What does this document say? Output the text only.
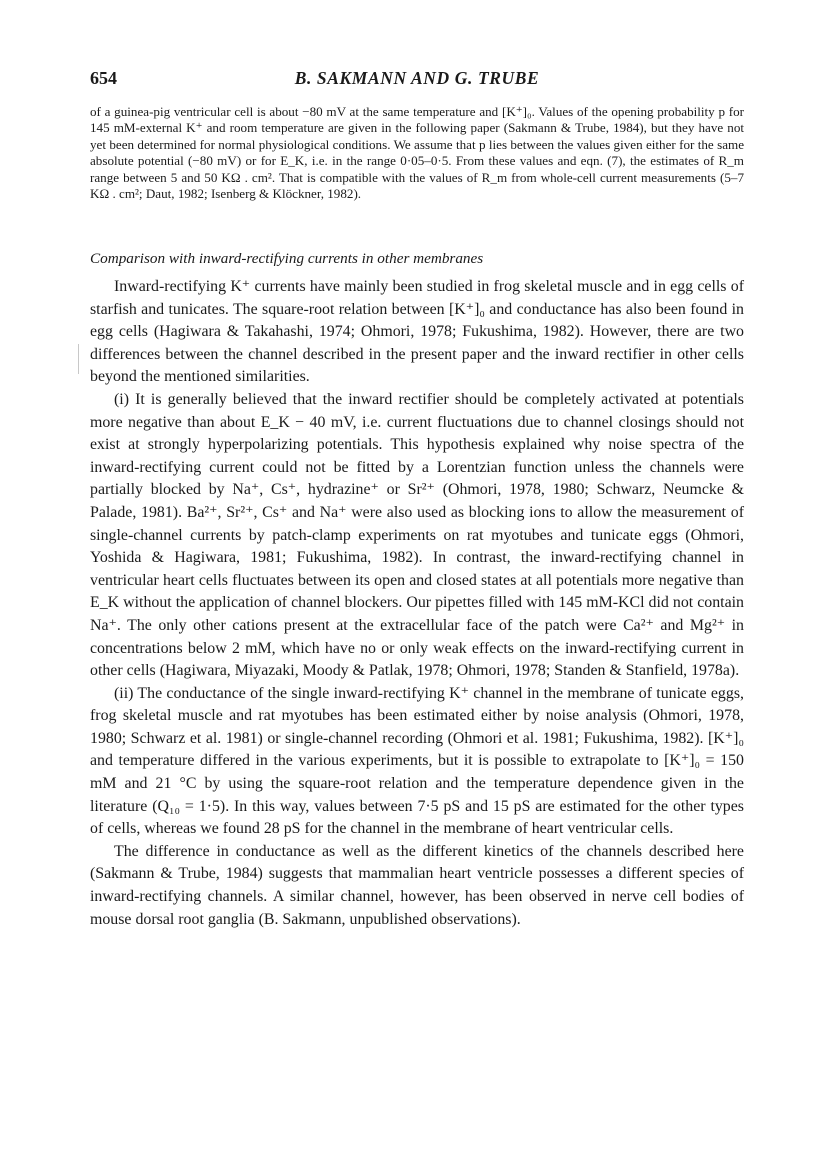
654	B. SAKMANN AND G. TRUBE

of a guinea-pig ventricular cell is about −80 mV at the same temperature and [K⁺]₀. Values of the opening probability p for 145 mM-external K⁺ and room temperature are given in the following paper (Sakmann & Trube, 1984), but they have not yet been determined for normal physiological conditions. We assume that p lies between the values given either for the same absolute potential (−80 mV) or for E_K, i.e. in the range 0·05–0·5. From these values and eqn. (7), the estimates of R_m range between 5 and 50 KΩ . cm². That is compatible with the values of R_m from whole-cell current measurements (5–7 KΩ . cm²; Daut, 1982; Isenberg & Klöckner, 1982).

Comparison with inward-rectifying currents in other membranes

Inward-rectifying K⁺ currents have mainly been studied in frog skeletal muscle and in egg cells of starfish and tunicates. The square-root relation between [K⁺]₀ and conductance has also been found in egg cells (Hagiwara & Takahashi, 1974; Ohmori, 1978; Fukushima, 1982). However, there are two differences between the channel described in the present paper and the inward rectifier in other cells beyond the mentioned similarities.

(i) It is generally believed that the inward rectifier should be completely activated at potentials more negative than about E_K − 40 mV, i.e. current fluctuations due to channel closings should not exist at strongly hyperpolarizing potentials. This hypothesis explained why noise spectra of the inward-rectifying current could not be fitted by a Lorentzian function unless the channels were partially blocked by Na⁺, Cs⁺, hydrazine⁺ or Sr²⁺ (Ohmori, 1978, 1980; Schwarz, Neumcke & Palade, 1981). Ba²⁺, Sr²⁺, Cs⁺ and Na⁺ were also used as blocking ions to allow the measurement of single-channel currents by patch-clamp experiments on rat myotubes and tunicate eggs (Ohmori, Yoshida & Hagiwara, 1981; Fukushima, 1982). In contrast, the inward-rectifying channel in ventricular heart cells fluctuates between its open and closed states at all potentials more negative than E_K without the application of channel blockers. Our pipettes filled with 145 mM-KCl did not contain Na⁺. The only other cations present at the extracellular face of the patch were Ca²⁺ and Mg²⁺ in concentrations below 2 mM, which have no or only weak effects on the inward-rectifying current in other cells (Hagiwara, Miyazaki, Moody & Patlak, 1978; Ohmori, 1978; Standen & Stanfield, 1978a).

(ii) The conductance of the single inward-rectifying K⁺ channel in the membrane of tunicate eggs, frog skeletal muscle and rat myotubes has been estimated either by noise analysis (Ohmori, 1978, 1980; Schwarz et al. 1981) or single-channel recording (Ohmori et al. 1981; Fukushima, 1982). [K⁺]₀ and temperature differed in the various experiments, but it is possible to extrapolate to [K⁺]₀ = 150 mM and 21 °C by using the square-root relation and the temperature dependence given in the literature (Q₁₀ = 1·5). In this way, values between 7·5 pS and 15 pS are estimated for the other types of cells, whereas we found 28 pS for the channel in the membrane of heart ventricular cells.

The difference in conductance as well as the different kinetics of the channels described here (Sakmann & Trube, 1984) suggests that mammalian heart ventricle possesses a different species of inward-rectifying channels. A similar channel, however, has been observed in nerve cell bodies of mouse dorsal root ganglia (B. Sakmann, unpublished observations).
